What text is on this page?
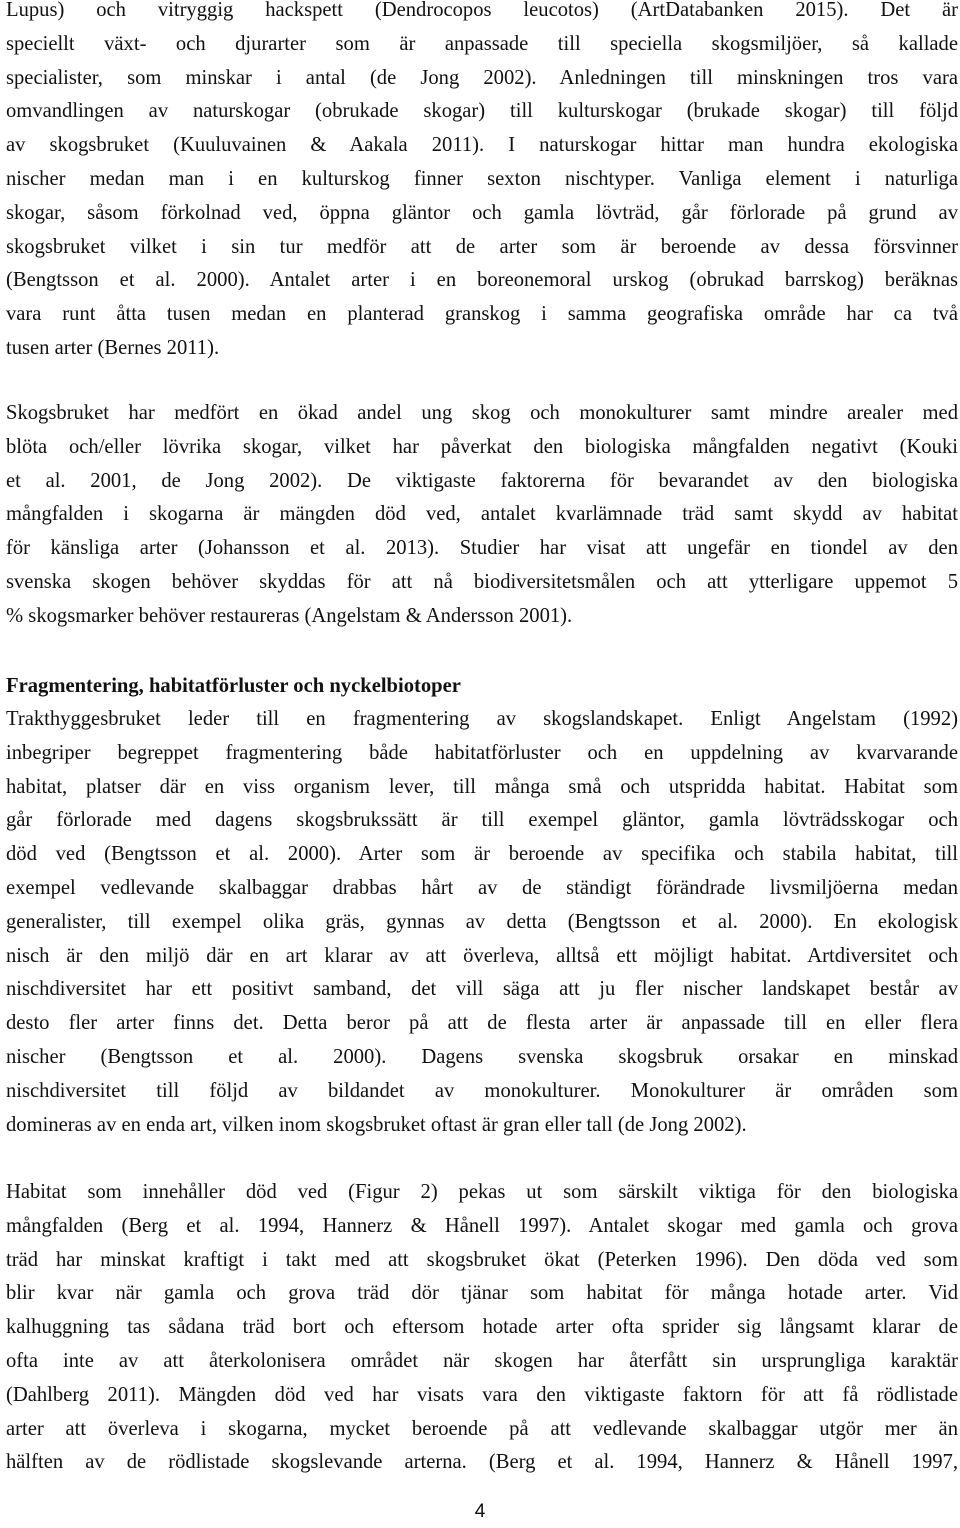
Lupus) och vitryggig hackspett (Dendrocopos leucotos) (ArtDatabanken 2015). Det är
speciellt växt- och djurarter som är anpassade till speciella skogsmiljöer, så kallade
specialister, som minskar i antal (de Jong 2002). Anledningen till minskningen tros vara
omvandlingen av naturskogar (obrukade skogar) till kulturskogar (brukade skogar) till följd
av skogsbruket (Kuuluvainen & Aakala 2011). I naturskogar hittar man hundra ekologiska
nischer medan man i en kulturskog finner sexton nischtyper. Vanliga element i naturliga
skogar, såsom förkolnad ved, öppna gläntor och gamla lövträd, går förlorade på grund av
skogsbruket vilket i sin tur medför att de arter som är beroende av dessa försvinner
(Bengtsson et al. 2000). Antalet arter i en boreonemoral urskog (obrukad barrskog) beräknas
vara runt åtta tusen medan en planterad granskog i samma geografiska område har ca två
tusen arter (Bernes 2011).

Skogsbruket har medfört en ökad andel ung skog och monokulturer samt mindre arealer med
blöta och/eller lövrika skogar, vilket har påverkat den biologiska mångfalden negativt (Kouki
et al. 2001, de Jong 2002). De viktigaste faktorerna för bevarandet av den biologiska
mångfalden i skogarna är mängden död ved, antalet kvarlämnade träd samt skydd av habitat
för känsliga arter (Johansson et al. 2013). Studier har visat att ungefär en tiondel av den
svenska skogen behöver skyddas för att nå biodiversitetsmålen och att ytterligare uppemot 5
% skogsmarker behöver restaureras (Angelstam & Andersson 2001).

Fragmentering, habitatförluster och nyckelbiotoper

Trakthyggesbruket leder till en fragmentering av skogslandskapet. Enligt Angelstam (1992)
inbegriper begreppet fragmentering både habitatförluster och en uppdelning av kvarvarande
habitat, platser där en viss organism lever, till många små och utspridda habitat. Habitat som
går förlorade med dagens skogsbrukssätt är till exempel gläntor, gamla lövträdsskogar och
död ved (Bengtsson et al. 2000). Arter som är beroende av specifika och stabila habitat, till
exempel vedlevande skalbaggar drabbas hårt av de ständigt förändrade livsmiljöerna medan
generalister, till exempel olika gräs, gynnas av detta (Bengtsson et al. 2000). En ekologisk
nisch är den miljö där en art klarar av att överleva, alltså ett möjligt habitat. Artdiversitet och
nischdiversitet har ett positivt samband, det vill säga att ju fler nischer landskapet består av
desto fler arter finns det. Detta beror på att de flesta arter är anpassade till en eller flera
nischer (Bengtsson et al. 2000). Dagens svenska skogsbruk orsakar en minskad
nischdiversitet till följd av bildandet av monokulturer. Monokulturer är områden som
domineras av en enda art, vilken inom skogsbruket oftast är gran eller tall (de Jong 2002).

Habitat som innehåller död ved (Figur 2) pekas ut som särskilt viktiga för den biologiska
mångfalden (Berg et al. 1994, Hannerz & Hånell 1997). Antalet skogar med gamla och grova
träd har minskat kraftigt i takt med att skogsbruket ökat (Peterken 1996). Den döda ved som
blir kvar när gamla och grova träd dör tjänar som habitat för många hotade arter. Vid
kalhuggning tas sådana träd bort och eftersom hotade arter ofta sprider sig långsamt klarar de
ofta inte av att återkolonisera området när skogen har återfått sin ursprungliga karaktär
(Dahlberg 2011). Mängden död ved har visats vara den viktigaste faktorn för att få rödlistade
arter att överleva i skogarna, mycket beroende på att vedlevande skalbaggar utgör mer än
hälften av de rödlistade skogslevande arterna. (Berg et al. 1994, Hannerz & Hånell 1997,

4
